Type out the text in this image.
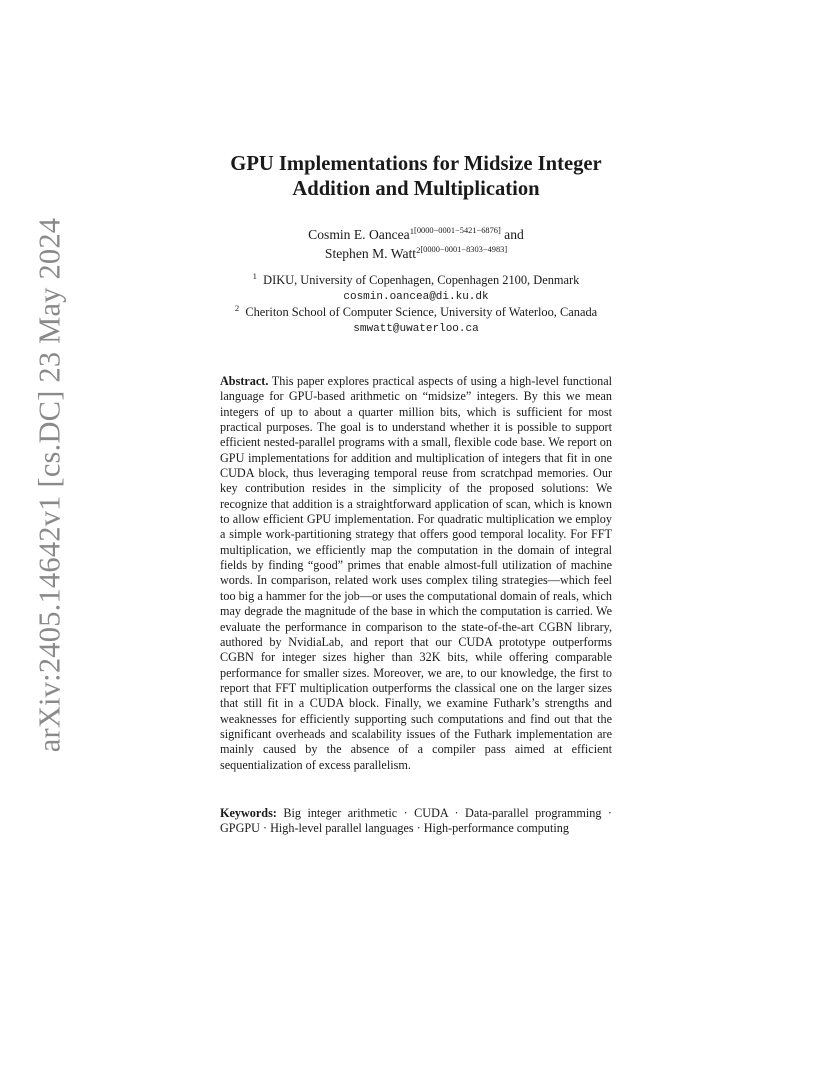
arXiv:2405.14642v1 [cs.DC] 23 May 2024
GPU Implementations for Midsize Integer
Addition and Multiplication
Cosmin E. Oancea$^{1[0000-0001-5421-6876]}$ and
Stephen M. Watt$^{2[0000-0001-8303-4983]}$
$^1$ DIKU, University of Copenhagen, Copenhagen 2100, Denmark
cosmin.oancea@di.ku.dk
$^2$ Cheriton School of Computer Science, University of Waterloo, Canada
smwatt@uwaterloo.ca

Abstract. This paper explores practical aspects of using a high-level functional language for GPU-based arithmetic on “midsize” integers. By this we mean integers of up to about a quarter million bits, which is sufficient for most practical purposes. The goal is to understand whether it is possible to support efficient nested-parallel programs with a small, flexible code base. We report on GPU implementations for addition and multiplication of integers that fit in one CUDA block, thus leveraging temporal reuse from scratchpad memories. Our key contribution resides in the simplicity of the proposed solutions: We recognize that addition is a straightforward application of scan, which is known to allow efficient GPU implementation. For quadratic multiplication we employ a simple work-partitioning strategy that offers good temporal locality. For FFT multiplication, we efficiently map the computation in the domain of integral fields by finding “good” primes that enable almost-full utilization of machine words. In comparison, related work uses complex tiling strategies—which feel too big a hammer for the job—or uses the computational domain of reals, which may degrade the magnitude of the base in which the computation is carried. We evaluate the performance in comparison to the state-of-the-art CGBN library, authored by NvidiaLab, and report that our CUDA prototype outperforms CGBN for integer sizes higher than 32K bits, while offering comparable performance for smaller sizes. Moreover, we are, to our knowledge, the first to report that FFT multiplication outperforms the classical one on the larger sizes that still fit in a CUDA block. Finally, we examine Futhark’s strengths and weaknesses for efficiently supporting such computations and find out that the significant overheads and scalability issues of the Futhark implementation are mainly caused by the absence of a compiler pass aimed at efficient sequentialization of excess parallelism.

Keywords: Big integer arithmetic · CUDA · Data-parallel programming · GPGPU · High-level parallel languages · High-performance computing
